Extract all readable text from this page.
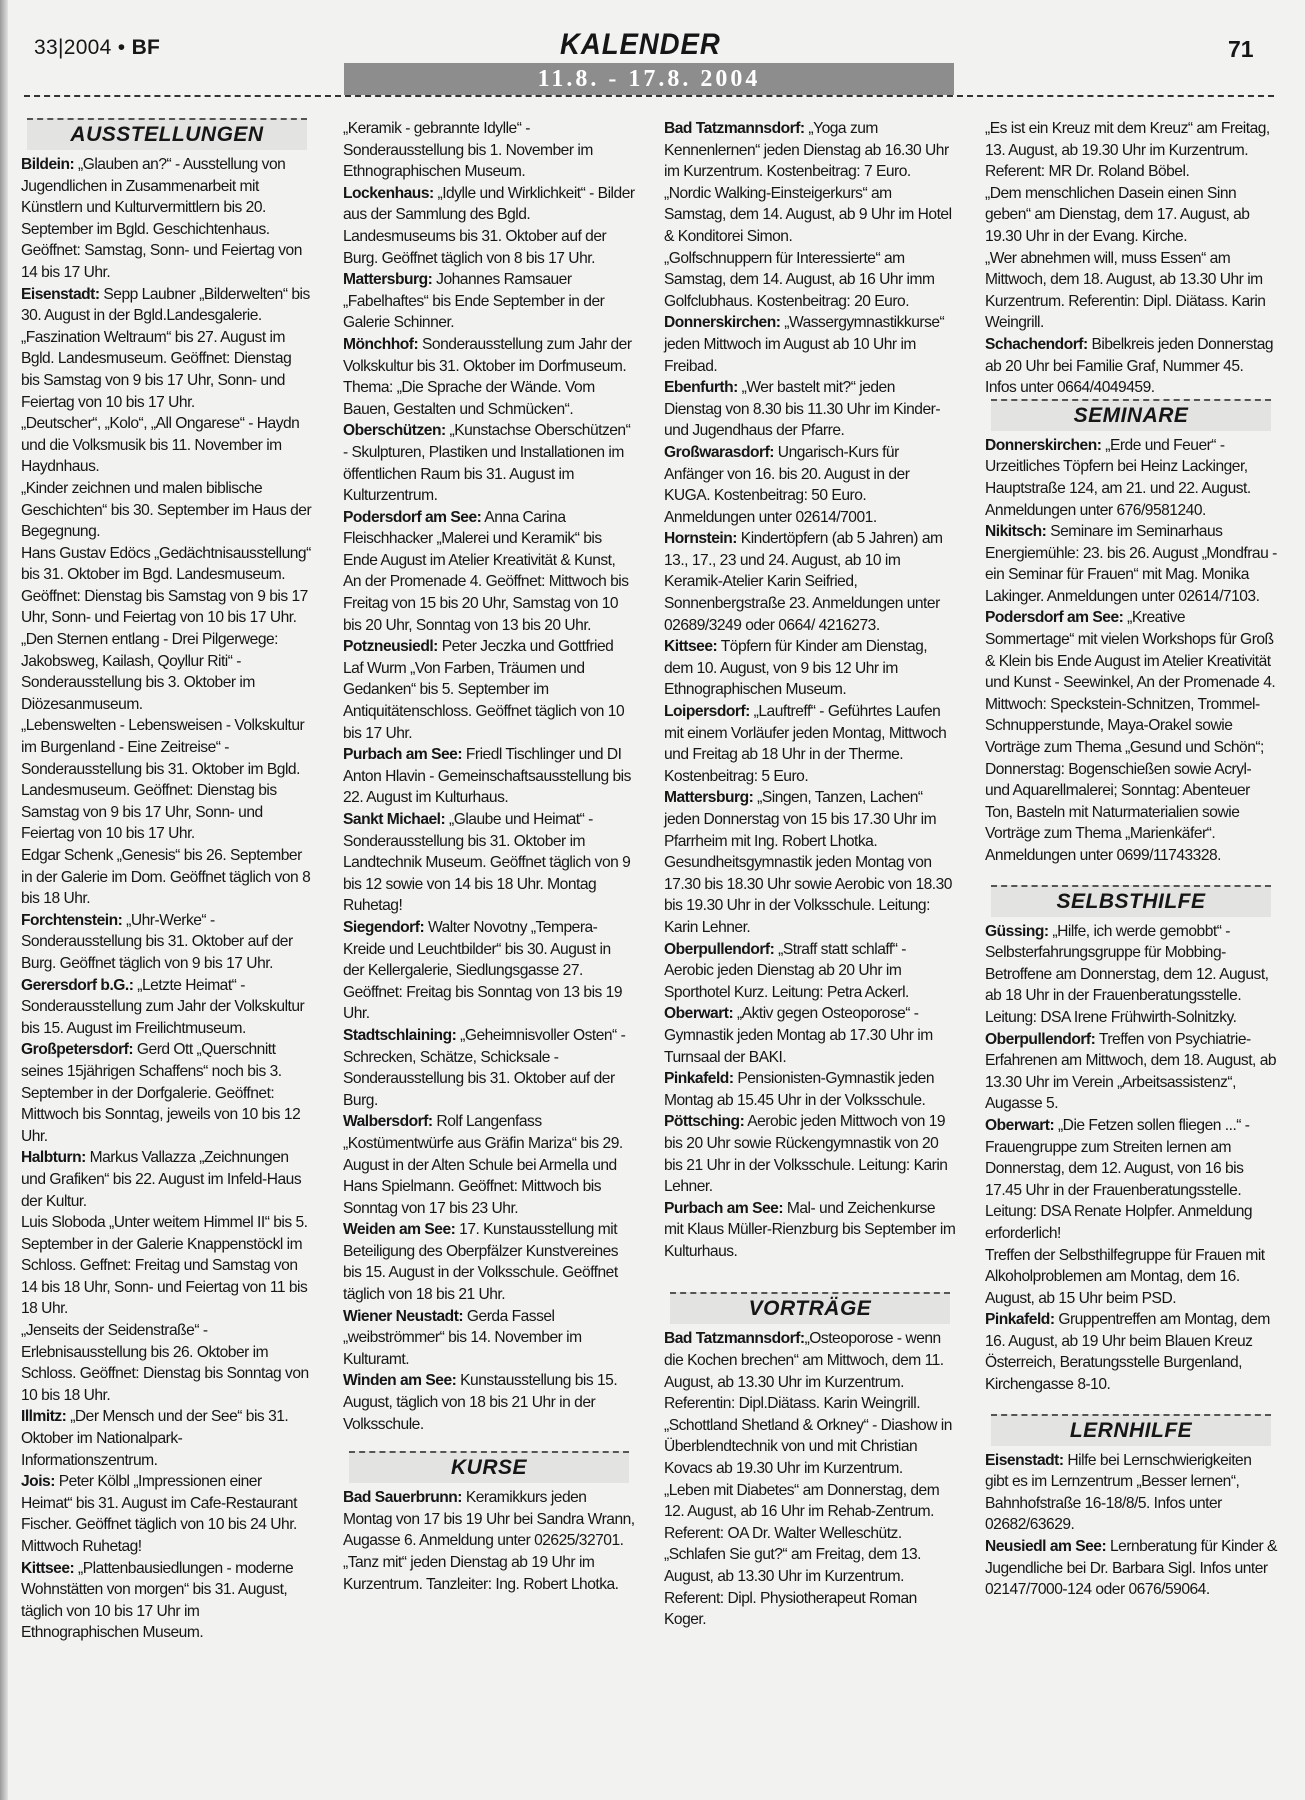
33|2004 • BF	KALENDER	71
11.8. - 17.8. 2004
AUSSTELLUNGEN

Bildein: „Glauben an?“ - Ausstellung von Jugendlichen in Zusammenarbeit mit Künstlern und Kulturvermittlern bis 20. September im Bgld. Geschichtenhaus. Geöffnet: Samstag, Sonn- und Feiertag von 14 bis 17 Uhr.

Eisenstadt: Sepp Laubner „Bilderwelten“ bis 30. August in der Bgld.Landesgalerie.

„Faszination Weltraum“ bis 27. August im Bgld. Landesmuseum. Geöffnet: Dienstag bis Samstag von 9 bis 17 Uhr, Sonn- und Feiertag von 10 bis 17 Uhr.

„Deutscher“, „Kolo“, „All Ongarese“ - Haydn und die Volksmusik bis 11. November im Haydnhaus.

„Kinder zeichnen und malen biblische Geschichten“ bis 30. September im Haus der Begegnung.

Hans Gustav Edöcs „Gedächtnisausstellung“ bis 31. Oktober im Bgd. Landesmuseum. Geöffnet: Dienstag bis Samstag von 9 bis 17 Uhr, Sonn- und Feiertag von 10 bis 17 Uhr.

„Den Sternen entlang - Drei Pilgerwege: Jakobsweg, Kailash, Qoyllur Riti“ - Sonderausstellung bis 3. Oktober im Diözesanmuseum.

„Lebenswelten - Lebensweisen - Volkskultur im Burgenland - Eine Zeitreise“ - Sonderausstellung bis 31. Oktober im Bgld. Landesmuseum. Geöffnet: Dienstag bis Samstag von 9 bis 17 Uhr, Sonn- und Feiertag von 10 bis 17 Uhr.

Edgar Schenk „Genesis“ bis 26. September in der Galerie im Dom. Geöffnet täglich von 8 bis 18 Uhr.

Forchtenstein: „Uhr-Werke“ - Sonderausstellung bis 31. Oktober auf der Burg. Geöffnet täglich von 9 bis 17 Uhr.

Gerersdorf b.G.: „Letzte Heimat“ - Sonderausstellung zum Jahr der Volkskultur bis 15. August im Freilichtmuseum.

Großpetersdorf: Gerd Ott „Querschnitt seines 15jährigen Schaffens“ noch bis 3. September in der Dorfgalerie. Geöffnet: Mittwoch bis Sonntag, jeweils von 10 bis 12 Uhr.

Halbturn: Markus Vallazza „Zeichnungen und Grafiken“ bis 22. August im Infeld-Haus der Kultur.

Luis Sloboda „Unter weitem Himmel II“ bis 5. September in der Galerie Knappenstöckl im Schloss. Geffnet: Freitag und Samstag von 14 bis 18 Uhr, Sonn- und Feiertag von 11 bis 18 Uhr.

„Jenseits der Seidenstraße“ - Erlebnisausstellung bis 26. Oktober im Schloss. Geöffnet: Dienstag bis Sonntag von 10 bis 18 Uhr.

Illmitz: „Der Mensch und der See“ bis 31. Oktober im Nationalpark-Informationszentrum.

Jois: Peter Kölbl „Impressionen einer Heimat“ bis 31. August im Cafe-Restaurant Fischer. Geöffnet täglich von 10 bis 24 Uhr. Mittwoch Ruhetag!

Kittsee: „Plattenbausiedlungen - moderne Wohnstätten von morgen“ bis 31. August, täglich von 10 bis 17 Uhr im Ethnographischen Museum.

„Keramik - gebrannte Idylle“ - Sonderausstellung bis 1. November im Ethnographischen Museum.

Lockenhaus: „Idylle und Wirklichkeit“ - Bilder aus der Sammlung des Bgld. Landesmuseums bis 31. Oktober auf der Burg. Geöffnet täglich von 8 bis 17 Uhr.

Mattersburg: Johannes Ramsauer „Fabelhaftes“ bis Ende September in der Galerie Schinner.

Mönchhof: Sonderausstellung zum Jahr der Volkskultur bis 31. Oktober im Dorfmuseum. Thema: „Die Sprache der Wände. Vom Bauen, Gestalten und Schmücken“.

Oberschützen: „Kunstachse Oberschützen“ - Skulpturen, Plastiken und Installationen im öffentlichen Raum bis 31. August im Kulturzentrum.

Podersdorf am See: Anna Carina Fleischhacker „Malerei und Keramik“ bis Ende August im Atelier Kreativität & Kunst, An der Promenade 4. Geöffnet: Mittwoch bis Freitag von 15 bis 20 Uhr, Samstag von 10 bis 20 Uhr, Sonntag von 13 bis 20 Uhr.

Potzneusiedl: Peter Jeczka und Gottfried Laf Wurm „Von Farben, Träumen und Gedanken“ bis 5. September im Antiquitätenschloss. Geöffnet täglich von 10 bis 17 Uhr.

Purbach am See: Friedl Tischlinger und DI Anton Hlavin - Gemeinschaftsausstellung bis 22. August im Kulturhaus.

Sankt Michael: „Glaube und Heimat“ - Sonderausstellung bis 31. Oktober im Landtechnik Museum. Geöffnet täglich von 9 bis 12 sowie von 14 bis 18 Uhr. Montag Ruhetag!

Siegendorf: Walter Novotny „Tempera-Kreide und Leuchtbilder“ bis 30. August in der Kellergalerie, Siedlungsgasse 27. Geöffnet: Freitag bis Sonntag von 13 bis 19 Uhr.

Stadtschlaining: „Geheimnisvoller Osten“ - Schrecken, Schätze, Schicksale - Sonderausstellung bis 31. Oktober auf der Burg.

Walbersdorf: Rolf Langenfass „Kostümentwürfe aus Gräfin Mariza“ bis 29. August in der Alten Schule bei Armella und Hans Spielmann. Geöffnet: Mittwoch bis Sonntag von 17 bis 23 Uhr.

Weiden am See: 17. Kunstausstellung mit Beteiligung des Oberpfälzer Kunstvereines bis 15. August in der Volksschule. Geöffnet täglich von 18 bis 21 Uhr.

Wiener Neustadt: Gerda Fassel „weibströmmer“ bis 14. November im Kulturamt.

Winden am See: Kunstausstellung bis 15. August, täglich von 18 bis 21 Uhr in der Volksschule.

KURSE

Bad Sauerbrunn: Keramikkurs jeden Montag von 17 bis 19 Uhr bei Sandra Wrann, Augasse 6. Anmeldung unter 02625/32701.

„Tanz mit“ jeden Dienstag ab 19 Uhr im Kurzentrum. Tanzleiter: Ing. Robert Lhotka.

Bad Tatzmannsdorf: „Yoga zum Kennenlernen“ jeden Dienstag ab 16.30 Uhr im Kurzentrum. Kostenbeitrag: 7 Euro.

„Nordic Walking-Einsteigerkurs“ am Samstag, dem 14. August, ab 9 Uhr im Hotel & Konditorei Simon.

„Golfschnuppern für Interessierte“ am Samstag, dem 14. August, ab 16 Uhr imm Golfclubhaus. Kostenbeitrag: 20 Euro.

Donnerskirchen: „Wassergymnastikkurse“ jeden Mittwoch im August ab 10 Uhr im Freibad.

Ebenfurth: „Wer bastelt mit?“ jeden Dienstag von 8.30 bis 11.30 Uhr im Kinder- und Jugendhaus der Pfarre.

Großwarasdorf: Ungarisch-Kurs für Anfänger von 16. bis 20. August in der KUGA. Kostenbeitrag: 50 Euro. Anmeldungen unter 02614/7001.

Hornstein: Kindertöpfern (ab 5 Jahren) am 13., 17., 23 und 24. August, ab 10 im Keramik-Atelier Karin Seifried, Sonnenbergstraße 23. Anmeldungen unter 02689/3249 oder 0664/ 4216273.

Kittsee: Töpfern für Kinder am Dienstag, dem 10. August, von 9 bis 12 Uhr im Ethnographischen Museum.

Loipersdorf: „Lauftreff“ - Geführtes Laufen mit einem Vorläufer jeden Montag, Mittwoch und Freitag ab 18 Uhr in der Therme. Kostenbeitrag: 5 Euro.

Mattersburg: „Singen, Tanzen, Lachen“ jeden Donnerstag von 15 bis 17.30 Uhr im Pfarrheim mit Ing. Robert Lhotka.

Gesundheitsgymnastik jeden Montag von 17.30 bis 18.30 Uhr sowie Aerobic von 18.30 bis 19.30 Uhr in der Volksschule. Leitung: Karin Lehner.

Oberpullendorf: „Straff statt schlaff“ - Aerobic jeden Dienstag ab 20 Uhr im Sporthotel Kurz. Leitung: Petra Ackerl.

Oberwart: „Aktiv gegen Osteoporose“ - Gymnastik jeden Montag ab 17.30 Uhr im Turnsaal der BAKI.

Pinkafeld: Pensionisten-Gymnastik jeden Montag ab 15.45 Uhr in der Volksschule.

Pöttsching: Aerobic jeden Mittwoch von 19 bis 20 Uhr sowie Rückengymnastik von 20 bis 21 Uhr in der Volksschule. Leitung: Karin Lehner.

Purbach am See: Mal- und Zeichenkurse mit Klaus Müller-Rienzburg bis September im Kulturhaus.

VORTRÄGE

Bad Tatzmannsdorf:„Osteoporose - wenn die Kochen brechen“ am Mittwoch, dem 11. August, ab 13.30 Uhr im Kurzentrum. Referentin: Dipl.Diätass. Karin Weingrill.

„Schottland Shetland & Orkney“ - Diashow in Überblendtechnik von und mit Christian Kovacs ab 19.30 Uhr im Kurzentrum.

„Leben mit Diabetes“ am Donnerstag, dem 12. August, ab 16 Uhr im Rehab-Zentrum. Referent: OA Dr. Walter Welleschütz.

„Schlafen Sie gut?“ am Freitag, dem 13. August, ab 13.30 Uhr im Kurzentrum. Referent: Dipl. Physiotherapeut Roman Koger.

„Es ist ein Kreuz mit dem Kreuz“ am Freitag, 13. August, ab 19.30 Uhr im Kurzentrum. Referent: MR Dr. Roland Böbel.

„Dem menschlichen Dasein einen Sinn geben“ am Dienstag, dem 17. August, ab 19.30 Uhr in der Evang. Kirche.

„Wer abnehmen will, muss Essen“ am Mittwoch, dem 18. August, ab 13.30 Uhr im Kurzentrum. Referentin: Dipl. Diätass. Karin Weingrill.

Schachendorf: Bibelkreis jeden Donnerstag ab 20 Uhr bei Familie Graf, Nummer 45. Infos unter 0664/4049459.

SEMINARE

Donnerskirchen: „Erde und Feuer“ - Urzeitliches Töpfern bei Heinz Lackinger, Hauptstraße 124, am 21. und 22. August. Anmeldungen unter 676/9581240.

Nikitsch: Seminare im Seminarhaus Energiemühle: 23. bis 26. August „Mondfrau - ein Seminar für Frauen“ mit Mag. Monika Lakinger. Anmeldungen unter 02614/7103.

Podersdorf am See: „Kreative Sommertage“ mit vielen Workshops für Groß & Klein bis Ende August im Atelier Kreativität und Kunst - Seewinkel, An der Promenade 4. Mittwoch: Speckstein-Schnitzen, Trommel-Schnupperstunde, Maya-Orakel sowie Vorträge zum Thema „Gesund und Schön“; Donnerstag: Bogenschießen sowie Acryl- und Aquarellmalerei; Sonntag: Abenteuer Ton, Basteln mit Naturmaterialien sowie Vorträge zum Thema „Marienkäfer“. Anmeldungen unter 0699/11743328.

SELBSTHILFE

Güssing: „Hilfe, ich werde gemobbt“ - Selbsterfahrungsgruppe für Mobbing-Betroffene am Donnerstag, dem 12. August, ab 18 Uhr in der Frauenberatungsstelle. Leitung: DSA Irene Frühwirth-Solnitzky.

Oberpullendorf: Treffen von Psychiatrie-Erfahrenen am Mittwoch, dem 18. August, ab 13.30 Uhr im Verein „Arbeitsassistenz“, Augasse 5.

Oberwart: „Die Fetzen sollen fliegen ...“ - Frauengruppe zum Streiten lernen am Donnerstag, dem 12. August, von 16 bis 17.45 Uhr in der Frauenberatungsstelle. Leitung: DSA Renate Holpfer. Anmeldung erforderlich!

Treffen der Selbsthilfegruppe für Frauen mit Alkoholproblemen am Montag, dem 16. August, ab 15 Uhr beim PSD.

Pinkafeld: Gruppentreffen am Montag, dem 16. August, ab 19 Uhr beim Blauen Kreuz Österreich, Beratungsstelle Burgenland, Kirchengasse 8-10.

LERNHILFE

Eisenstadt: Hilfe bei Lernschwierigkeiten gibt es im Lernzentrum „Besser lernen“, Bahnhofstraße 16-18/8/5. Infos unter 02682/63629.

Neusiedl am See: Lernberatung für Kinder & Jugendliche bei Dr. Barbara Sigl. Infos unter 02147/7000-124 oder 0676/59064.
